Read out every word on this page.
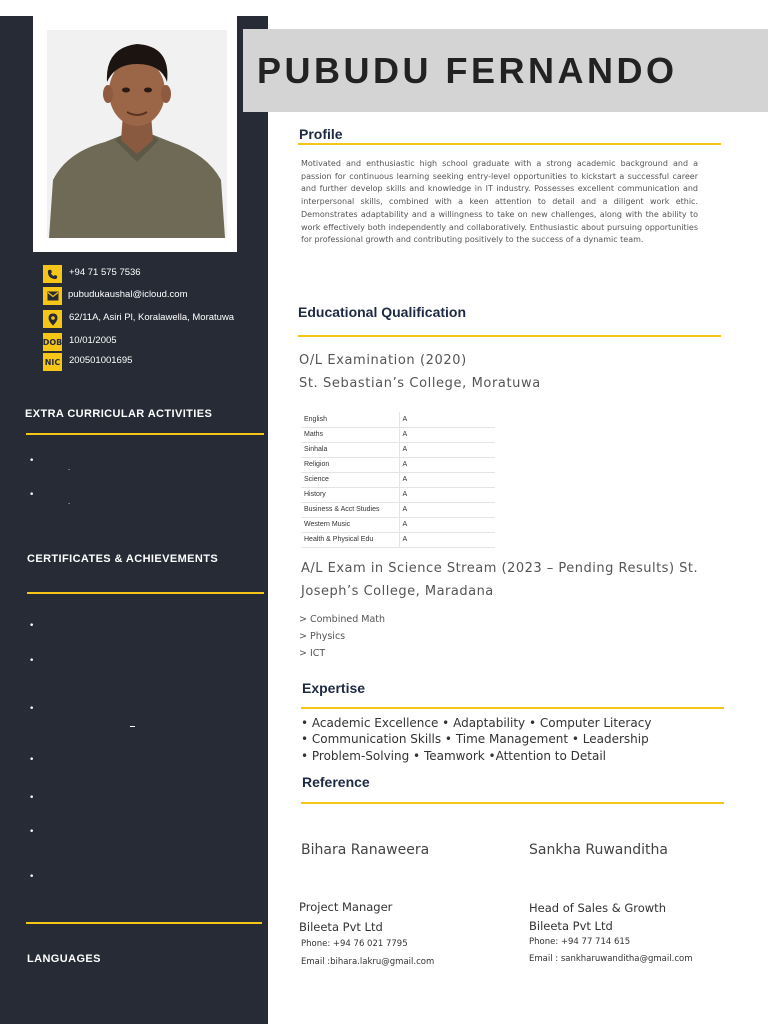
+94 71 575 7536
pubudukaushal@icloud.com
62/11A, Asiri Pl, Koralawella, Moratuwa
DOB 10/01/2005
NIC 200501001695
EXTRA CURRICULAR ACTIVITIES
•
.
•
.
CERTIFICATES & ACHIEVEMENTS
•
•
•
•
•
•
•
LANGUAGES
PUBUDU FERNANDO
Profile
Motivated and enthusiastic high school graduate with a strong academic background and a passion for continuous learning seeking entry-level opportunities to kickstart a successful career and further develop skills and knowledge in IT industry. Possesses excellent communication and interpersonal skills, combined with a keen attention to detail and a diligent work ethic. Demonstrates adaptability and a willingness to take on new challenges, along with the ability to work effectively both independently and collaboratively. Enthusiastic about pursuing opportunities for professional growth and contributing positively to the success of a dynamic team.
Educational Qualification
O/L Examination (2020)
St. Sebastian’s College, Moratuwa
English	A
Maths	A
Sinhala	A
Religion	A
Science	A
History	A
Business & Acct Studies	A
Western Music	A
Health & Physical Edu	A
A/L Exam in Science Stream (2023 – Pending Results) St. Joseph’s College, Maradana
> Combined Math
> Physics
> ICT
Expertise
• Academic Excellence • Adaptability • Computer Literacy
• Communication Skills • Time Management • Leadership
• Problem-Solving • Teamwork •Attention to Detail
Reference
Bihara Ranaweera
Project Manager
Bileeta Pvt Ltd
Phone: +94 76 021 7795
Email :bihara.lakru@gmail.com
Sankha Ruwanditha
Head of Sales & Growth
Bileeta Pvt Ltd
Phone: +94 77 714 615
Email : sankharuwanditha@gmail.com
